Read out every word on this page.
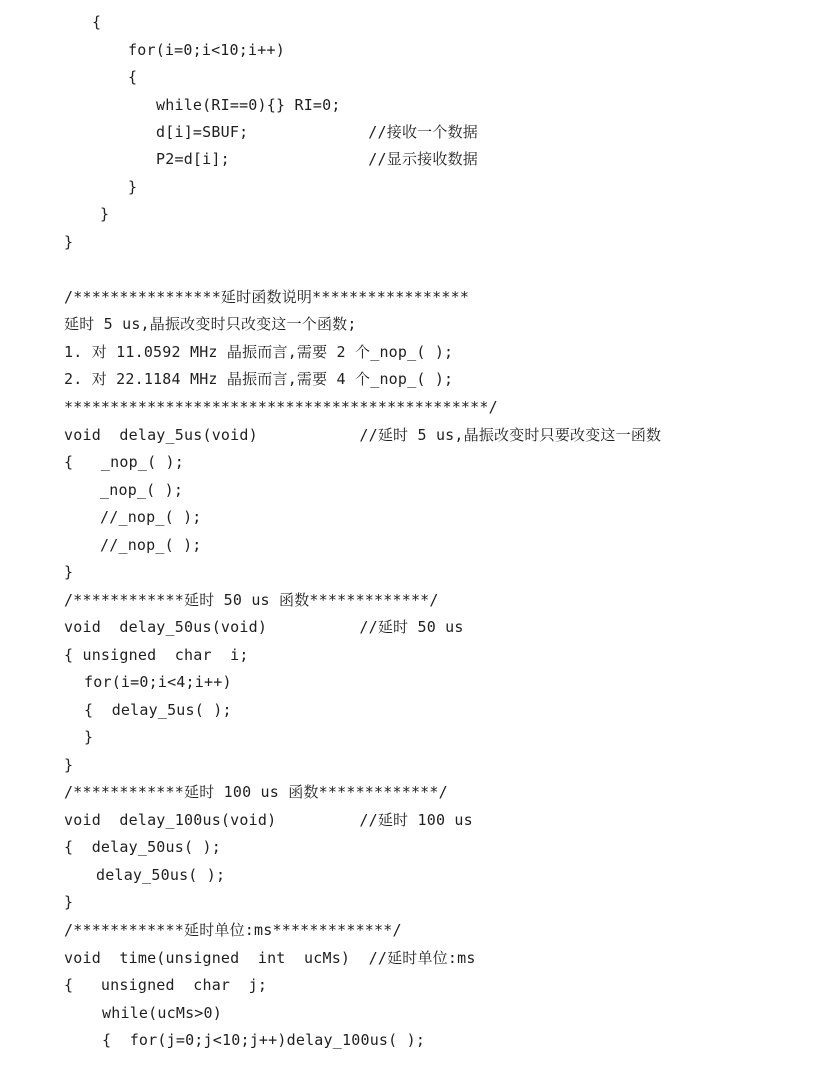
{
for(i=0;i<10;i++)
{
while(RI==0){} RI=0;
d[i]=SBUF;             //接收一个数据
P2=d[i];               //显示接收数据
}
}
}
/****************延时函数说明*****************
延时 5 us,晶振改变时只改变这一个函数;
1. 对 11.0592 MHz 晶振而言,需要 2 个_nop_( );
2. 对 22.1184 MHz 晶振而言,需要 4 个_nop_( );
**********************************************/
void  delay_5us(void)           //延时 5 us,晶振改变时只要改变这一函数
{   _nop_( );
_nop_( );
//_nop_( );
//_nop_( );
}
/************延时 50 us 函数*************/
void  delay_50us(void)          //延时 50 us
{ unsigned  char  i;
for(i=0;i<4;i++)
{  delay_5us( );
}
}
/************延时 100 us 函数*************/
void  delay_100us(void)         //延时 100 us
{  delay_50us( );
delay_50us( );
}
/************延时单位:ms*************/
void  time(unsigned  int  ucMs)  //延时单位:ms
{   unsigned  char  j;
while(ucMs>0)
{  for(j=0;j<10;j++)delay_100us( );
